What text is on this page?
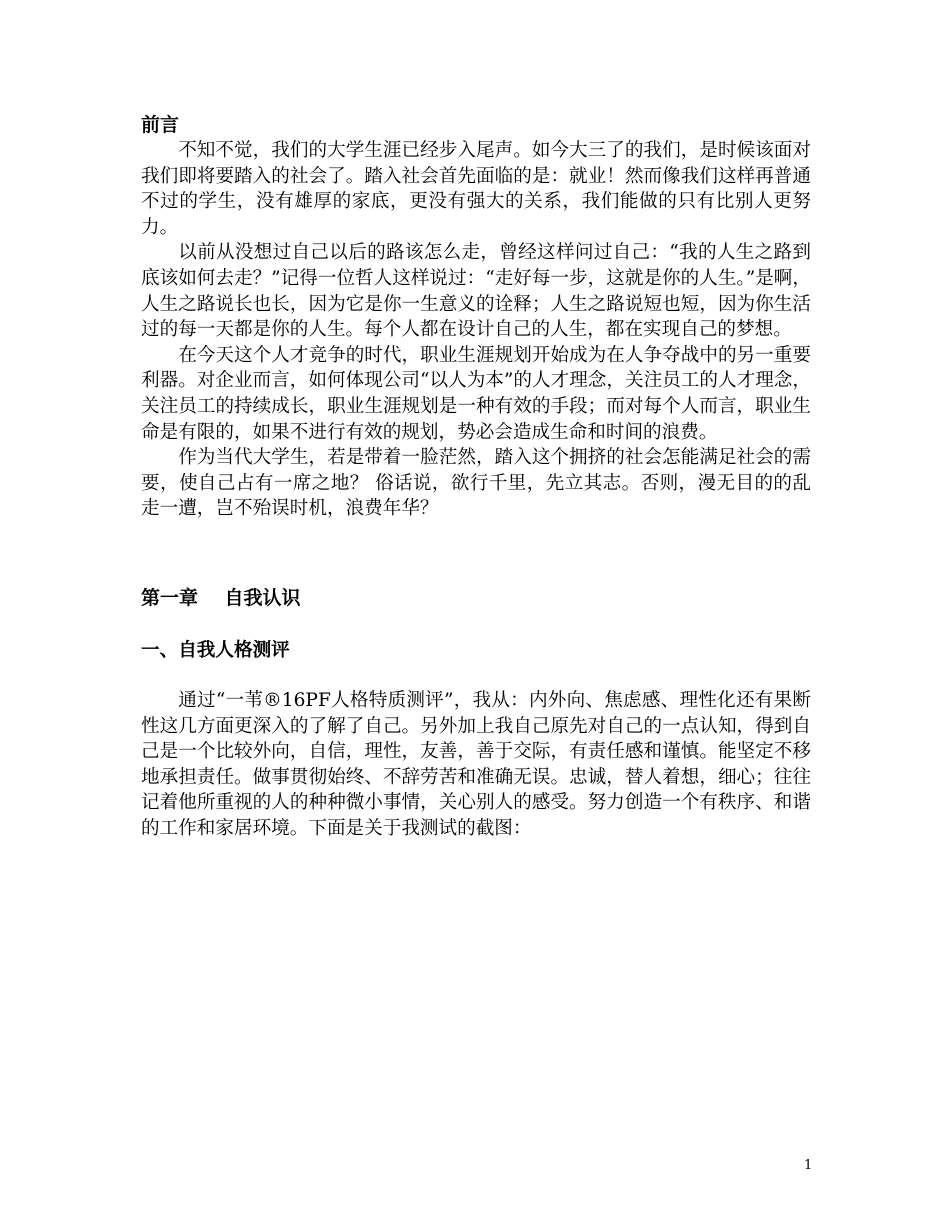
前言

不知不觉，我们的大学生涯已经步入尾声。如今大三了的我们，是时候该面对我们即将要踏入的社会了。踏入社会首先面临的是：就业！然而像我们这样再普通不过的学生，没有雄厚的家底，更没有强大的关系，我们能做的只有比别人更努力。

以前从没想过自己以后的路该怎么走，曾经这样问过自己：“我的人生之路到底该如何去走？”记得一位哲人这样说过：“走好每一步，这就是你的人生。”是啊，人生之路说长也长，因为它是你一生意义的诠释；人生之路说短也短，因为你生活过的每一天都是你的人生。每个人都在设计自己的人生，都在实现自己的梦想。

在今天这个人才竞争的时代，职业生涯规划开始成为在人争夺战中的另一重要利器。对企业而言，如何体现公司“以人为本”的人才理念，关注员工的人才理念，关注员工的持续成长，职业生涯规划是一种有效的手段；而对每个人而言，职业生命是有限的，如果不进行有效的规划，势必会造成生命和时间的浪费。

作为当代大学生，若是带着一脸茫然，踏入这个拥挤的社会怎能满足社会的需要，使自己占有一席之地？ 俗话说，欲行千里，先立其志。否则，漫无目的的乱走一遭，岂不殆误时机，浪费年华？

第一章    自我认识
一、自我人格测评

通过“一苇®16PF人格特质测评”，我从：内外向、焦虑感、理性化还有果断性这几方面更深入的了解了自己。另外加上我自己原先对自己的一点认知，得到自己是一个比较外向，自信，理性，友善，善于交际，有责任感和谨慎。能坚定不移地承担责任。做事贯彻始终、不辞劳苦和准确无误。忠诚，替人着想，细心；往往记着他所重视的人的种种微小事情，关心别人的感受。努力创造一个有秩序、和谐的工作和家居环境。下面是关于我测试的截图：

1
